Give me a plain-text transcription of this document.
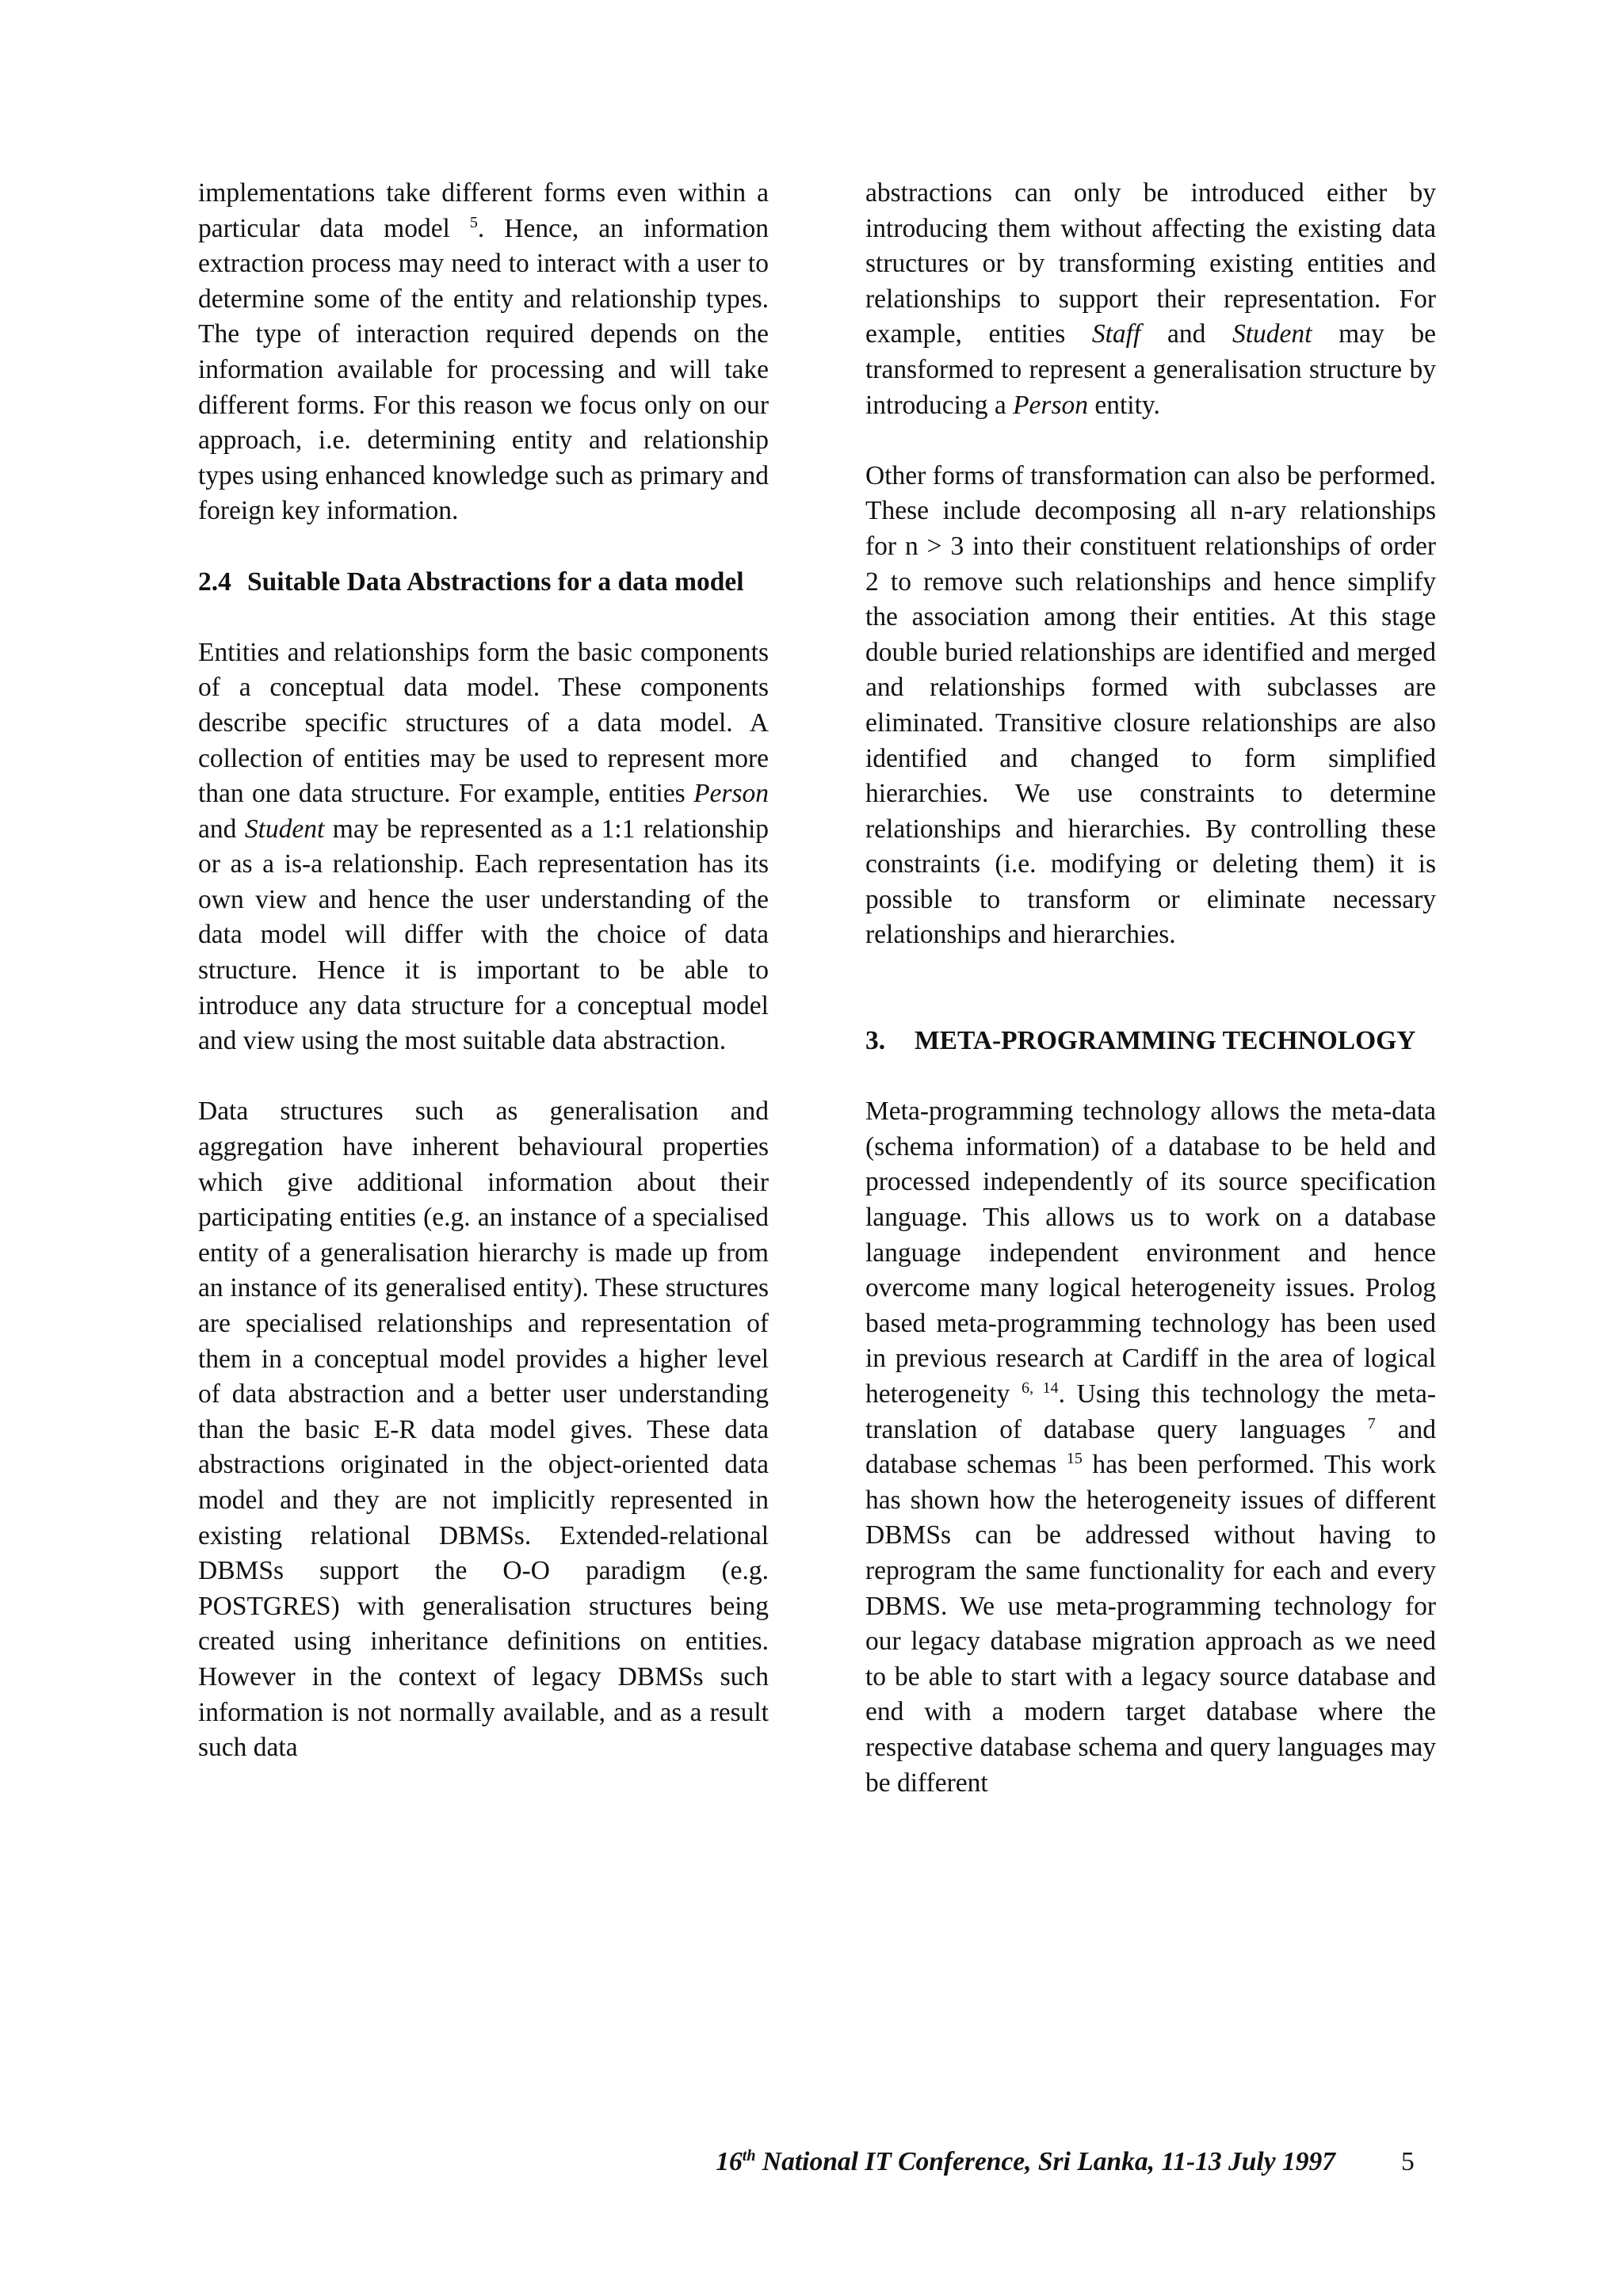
implementations take different forms even within a particular data model $^5$. Hence, an information extraction process may need to interact with a user to determine some of the entity and relationship types. The type of interaction required depends on the information available for processing and will take different forms. For this reason we focus only on our approach, i.e. determining entity and relationship types using enhanced knowledge such as primary and foreign key information.

2.4 Suitable Data Abstractions for a data model

Entities and relationships form the basic components of a conceptual data model. These components describe specific structures of a data model. A collection of entities may be used to represent more than one data structure. For example, entities Person and Student may be represented as a 1:1 relationship or as a is-a relationship. Each representation has its own view and hence the user understanding of the data model will differ with the choice of data structure. Hence it is important to be able to introduce any data structure for a conceptual model and view using the most suitable data abstraction.

Data structures such as generalisation and aggregation have inherent behavioural properties which give additional information about their participating entities (e.g. an instance of a specialised entity of a generalisation hierarchy is made up from an instance of its generalised entity). These structures are specialised relationships and representation of them in a conceptual model provides a higher level of data abstraction and a better user understanding than the basic E-R data model gives. These data abstractions originated in the object-oriented data model and they are not implicitly represented in existing relational DBMSs. Extended-relational DBMSs support the O-O paradigm (e.g. POSTGRES) with generalisation structures being created using inheritance definitions on entities. However in the context of legacy DBMSs such information is not normally available, and as a result such data

abstractions can only be introduced either by introducing them without affecting the existing data structures or by transforming existing entities and relationships to support their representation. For example, entities Staff and Student may be transformed to represent a generalisation structure by introducing a Person entity.

Other forms of transformation can also be performed. These include decomposing all n-ary relationships for n > 3 into their constituent relationships of order 2 to remove such relationships and hence simplify the association among their entities. At this stage double buried relationships are identified and merged and relationships formed with subclasses are eliminated. Transitive closure relationships are also identified and changed to form simplified hierarchies. We use constraints to determine relationships and hierarchies. By controlling these constraints (i.e. modifying or deleting them) it is possible to transform or eliminate necessary relationships and hierarchies.

3. META-PROGRAMMING TECHNOLOGY

Meta-programming technology allows the meta-data (schema information) of a database to be held and processed independently of its source specification language. This allows us to work on a database language independent environment and hence overcome many logical heterogeneity issues. Prolog based meta-programming technology has been used in previous research at Cardiff in the area of logical heterogeneity $^{6, 14}$. Using this technology the meta-translation of database query languages $^7$ and database schemas $^{15}$ has been performed. This work has shown how the heterogeneity issues of different DBMSs can be addressed without having to reprogram the same functionality for each and every DBMS. We use meta-programming technology for our legacy database migration approach as we need to be able to start with a legacy source database and end with a modern target database where the respective database schema and query languages may be different

16th National IT Conference, Sri Lanka, 11-13 July 1997 5
